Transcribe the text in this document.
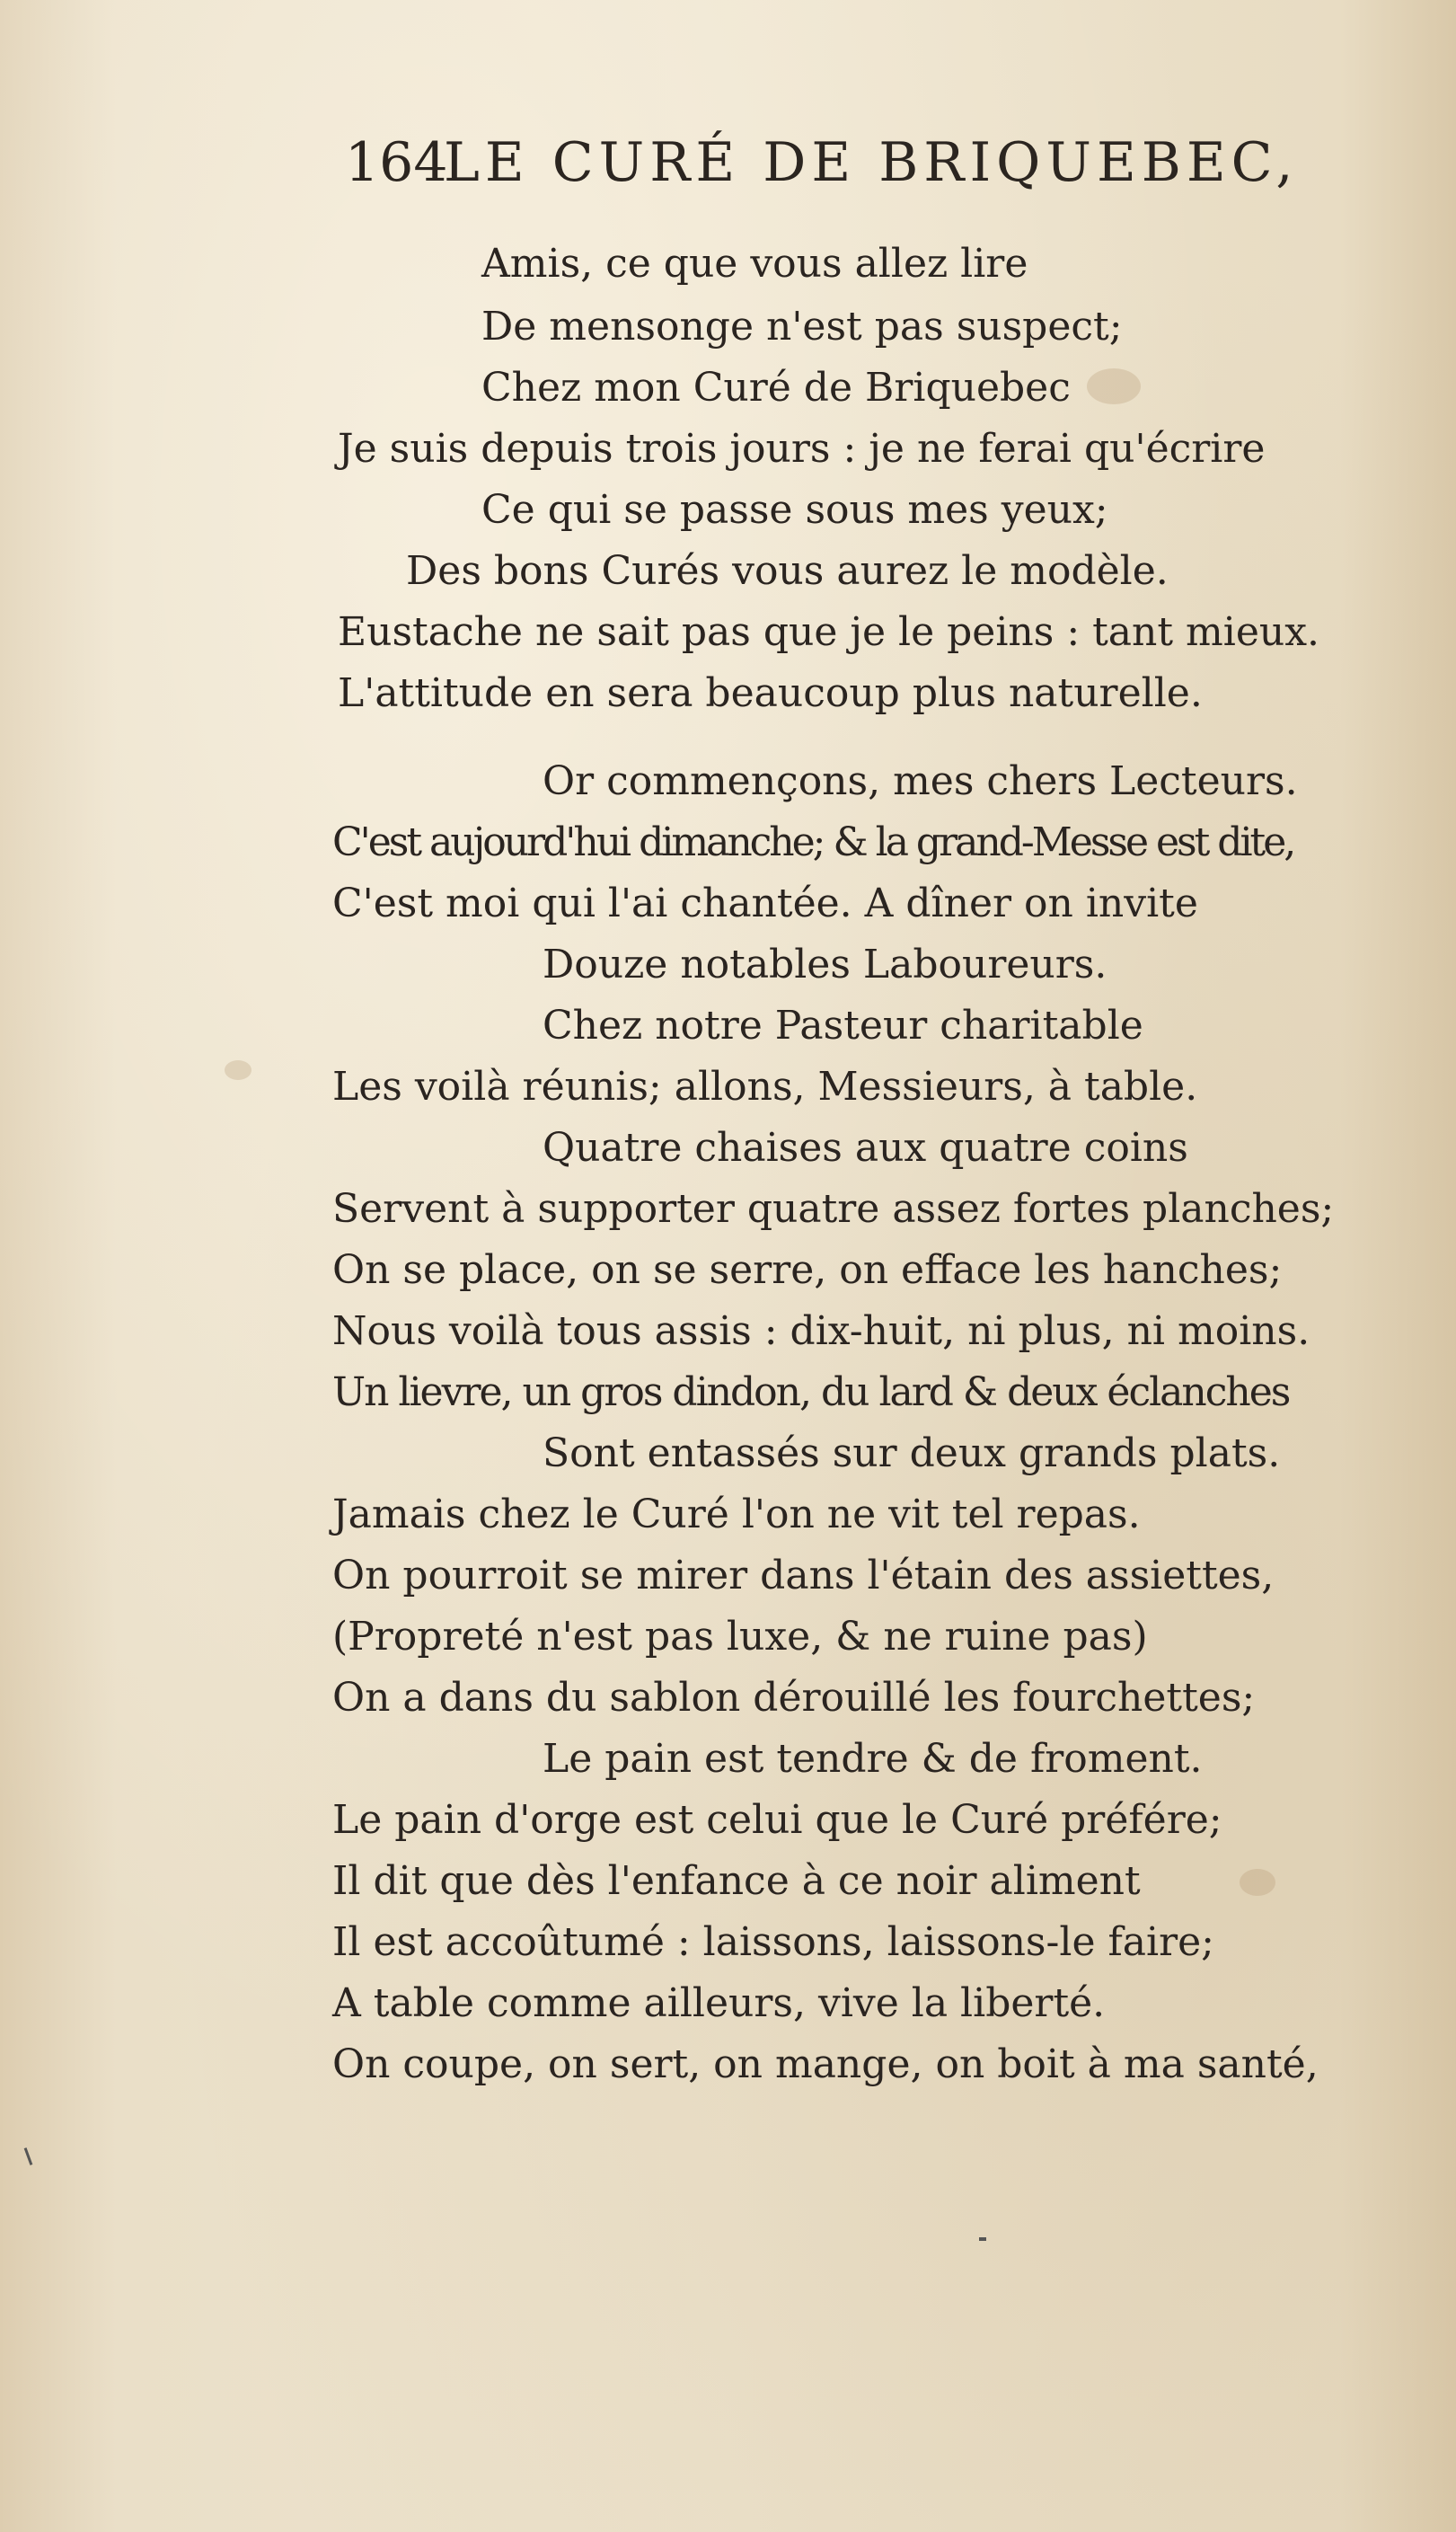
164
LE CURÉ DE BRIQUEBEC,
Amis, ce que vous allez lire
De mensonge n'est pas suspect;
Chez mon Curé de Briquebec
Je suis depuis trois jours : je ne ferai qu'écrire
Ce qui se passe sous mes yeux;
Des bons Curés vous aurez le modèle.
Eustache ne sait pas que je le peins : tant mieux.
L'attitude en sera beaucoup plus naturelle.
Or commençons, mes chers Lecteurs.
C'est aujourd'hui dimanche; & la grand-Messe est dite,
C'est moi qui l'ai chantée. A dîner on invite
Douze notables Laboureurs.
Chez notre Pasteur charitable
Les voilà réunis; allons, Messieurs, à table.
Quatre chaises aux quatre coins
Servent à supporter quatre assez fortes planches;
On se place, on se serre, on efface les hanches;
Nous voilà tous assis : dix-huit, ni plus, ni moins.
Un lievre, un gros dindon, du lard & deux éclanches
Sont entassés sur deux grands plats.
Jamais chez le Curé l'on ne vit tel repas.
On pourroit se mirer dans l'étain des assiettes,
(Propreté n'est pas luxe, & ne ruine pas)
On a dans du sablon dérouillé les fourchettes;
Le pain est tendre & de froment.
Le pain d'orge est celui que le Curé préfére;
Il dit que dès l'enfance à ce noir aliment
Il est accoûtumé : laissons, laissons-le faire;
A table comme ailleurs, vive la liberté.
On coupe, on sert, on mange, on boit à ma santé,
